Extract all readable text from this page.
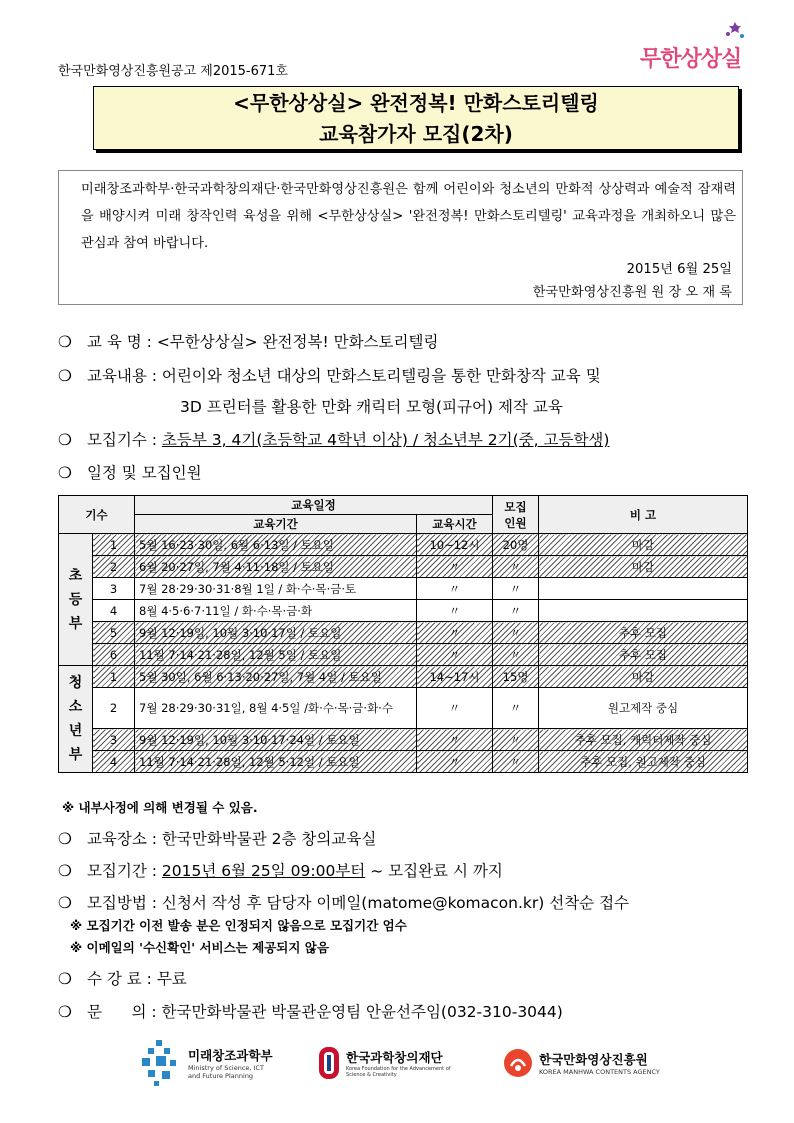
한국만화영상진흥원공고 제2015-671호	무한상상실
<무한상상실> 완전정복! 만화스토리텔링
교육참가자 모집(2차)
미래창조과학부·한국과학창의재단·한국만화영상진흥원은 함께 어린이와 청소년의 만화적 상상력과 예술적 잠재력을 배양시켜 미래 창작인력 육성을 위해 <무한상상실> '완전정복! 만화스토리텔링' 교육과정을 개최하오니 많은 관심과 참여 바랍니다.
2015년 6월 25일
한국만화영상진흥원 원 장 오 재 록
❍ 교 육 명 : <무한상상실> 완전정복! 만화스토리텔링
❍ 교육내용 : 어린이와 청소년 대상의 만화스토리텔링을 통한 만화창작 교육 및
3D 프린터를 활용한 만화 캐릭터 모형(피규어) 제작 교육
❍ 모집기수 : 초등부 3, 4기(초등학교 4학년 이상) / 청소년부 2기(중, 고등학생)
❍ 일정 및 모집인원
기수		교육일정		모집 인원	비 고
		교육기간	교육시간		
초
등
부	1	5월 16·23·30일, 6월 6·13일 / 토요일	10~12시	20명	마감
	2	6월 20·27일, 7월 4·11·18일 / 토요일	〃	〃	마감
	3	7월 28·29·30·31·8월 1일 / 화·수·목·금·토	〃	〃	
	4	8월 4·5·6·7·11일 / 화·수·목·금·화	〃	〃	
	5	9월 12·19일, 10월 3·10·17일 / 토요일	〃	〃	추후 모집
	6	11월 7·14·21·28일, 12월 5일 / 토요일	〃	〃	추후 모집
청
소
년
부	1	5월 30일, 6월 6·13·20·27일, 7월 4일 / 토요일	14~17시	15명	마감
	2	7월 28·29·30·31일, 8월 4·5일 /화·수·목·금·화·수	〃	〃	원고제작 중심
	3	9월 12·19일, 10월 3·10·17·24일 / 토요일	〃	〃	추후 모집, 캐릭터제작 중심
	4	11월 7·14·21·28일, 12월 5·12일 / 토요일	〃	〃	추후 모집, 원고제작 중심
※ 내부사정에 의해 변경될 수 있음.
❍ 교육장소 : 한국만화박물관 2층 창의교육실
❍ 모집기간 : 2015년 6월 25일 09:00부터 ~ 모집완료 시 까지
❍ 모집방법 : 신청서 작성 후 담당자 이메일(matome@komacon.kr) 선착순 접수
※ 모집기간 이전 발송 분은 인정되지 않음으로 모집기간 엄수
※ 이메일의 '수신확인' 서비스는 제공되지 않음
❍ 수 강 료 : 무료
❍ 문      의 : 한국만화박물관 박물관운영팀 안윤선주임(032-310-3044)
미래창조과학부
Ministry of Science, ICT and Future Planning
한국과학창의재단
Korea Foundation for the Advancement of Science & Creativity
한국만화영상진흥원
KOREA MANHWA CONTENTS AGENCY
